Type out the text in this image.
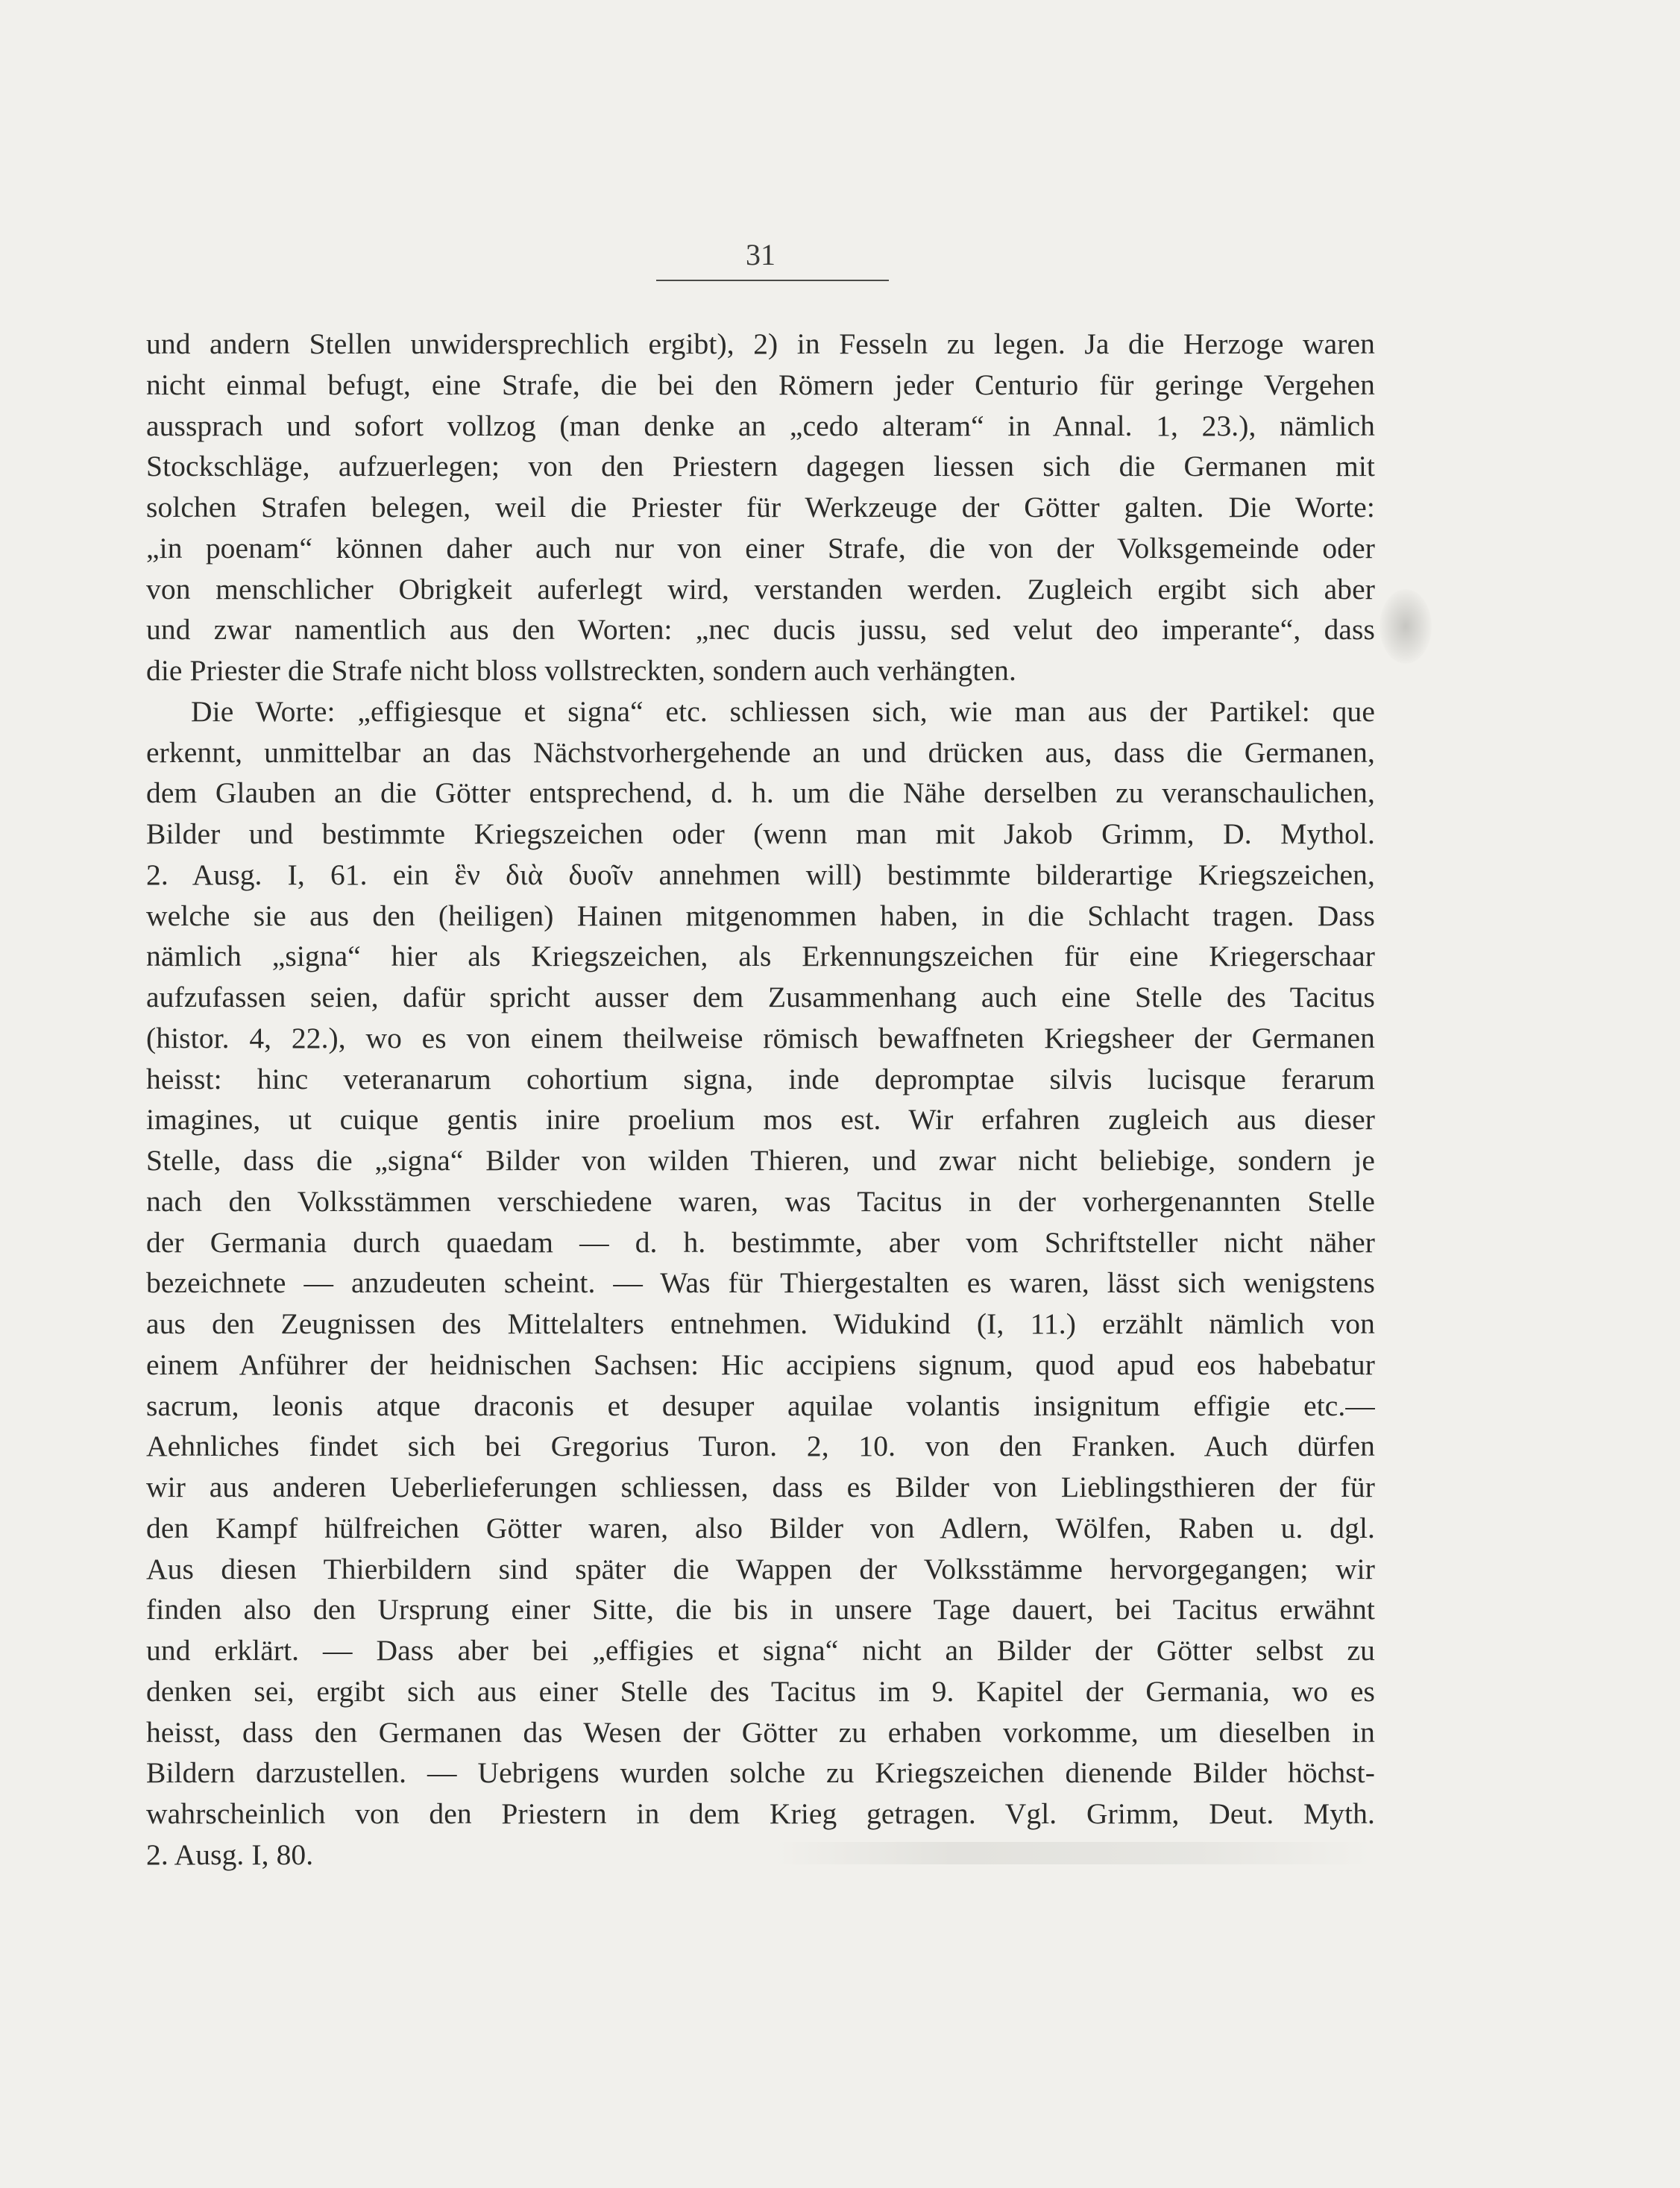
31
und andern Stellen unwidersprechlich ergibt), 2) in Fesseln zu legen. Ja die Herzoge waren
nicht einmal befugt, eine Strafe, die bei den Römern jeder Centurio für geringe Vergehen
aussprach und sofort vollzog (man denke an „cedo alteram“ in Annal. 1, 23.), nämlich
Stockschläge, aufzuerlegen; von den Priestern dagegen liessen sich die Germanen mit
solchen Strafen belegen, weil die Priester für Werkzeuge der Götter galten. Die Worte:
„in poenam“ können daher auch nur von einer Strafe, die von der Volksgemeinde oder
von menschlicher Obrigkeit auferlegt wird, verstanden werden. Zugleich ergibt sich aber
und zwar namentlich aus den Worten: „nec ducis jussu, sed velut deo imperante“, dass
die Priester die Strafe nicht bloss vollstreckten, sondern auch verhängten.
Die Worte: „effigiesque et signa“ etc. schliessen sich, wie man aus der Partikel: que
erkennt, unmittelbar an das Nächstvorhergehende an und drücken aus, dass die Germanen,
dem Glauben an die Götter entsprechend, d. h. um die Nähe derselben zu veranschaulichen,
Bilder und bestimmte Kriegszeichen oder (wenn man mit Jakob Grimm, D. Mythol.
2. Ausg. I, 61. ein ἓν διὰ δυοῖν annehmen will) bestimmte bilderartige Kriegszeichen,
welche sie aus den (heiligen) Hainen mitgenommen haben, in die Schlacht tragen. Dass
nämlich „signa“ hier als Kriegszeichen, als Erkennungszeichen für eine Kriegerschaar
aufzufassen seien, dafür spricht ausser dem Zusammenhang auch eine Stelle des Tacitus
(histor. 4, 22.), wo es von einem theilweise römisch bewaffneten Kriegsheer der Germanen
heisst: hinc veteranarum cohortium signa, inde depromptae silvis lucisque ferarum
imagines, ut cuique gentis inire proelium mos est. Wir erfahren zugleich aus dieser
Stelle, dass die „signa“ Bilder von wilden Thieren, und zwar nicht beliebige, sondern je
nach den Volksstämmen verschiedene waren, was Tacitus in der vorhergenannten Stelle
der Germania durch quaedam — d. h. bestimmte, aber vom Schriftsteller nicht näher
bezeichnete — anzudeuten scheint. — Was für Thiergestalten es waren, lässt sich wenigstens
aus den Zeugnissen des Mittelalters entnehmen. Widukind (I, 11.) erzählt nämlich von
einem Anführer der heidnischen Sachsen: Hic accipiens signum, quod apud eos habebatur
sacrum, leonis atque draconis et desuper aquilae volantis insignitum effigie etc.—
Aehnliches findet sich bei Gregorius Turon. 2, 10. von den Franken. Auch dürfen
wir aus anderen Ueberlieferungen schliessen, dass es Bilder von Lieblingsthieren der für
den Kampf hülfreichen Götter waren, also Bilder von Adlern, Wölfen, Raben u. dgl.
Aus diesen Thierbildern sind später die Wappen der Volksstämme hervorgegangen; wir
finden also den Ursprung einer Sitte, die bis in unsere Tage dauert, bei Tacitus erwähnt
und erklärt. — Dass aber bei „effigies et signa“ nicht an Bilder der Götter selbst zu
denken sei, ergibt sich aus einer Stelle des Tacitus im 9. Kapitel der Germania, wo es
heisst, dass den Germanen das Wesen der Götter zu erhaben vorkomme, um dieselben in
Bildern darzustellen. — Uebrigens wurden solche zu Kriegszeichen dienende Bilder höchst-
wahrscheinlich von den Priestern in dem Krieg getragen. Vgl. Grimm, Deut. Myth.
2. Ausg. I, 80.
